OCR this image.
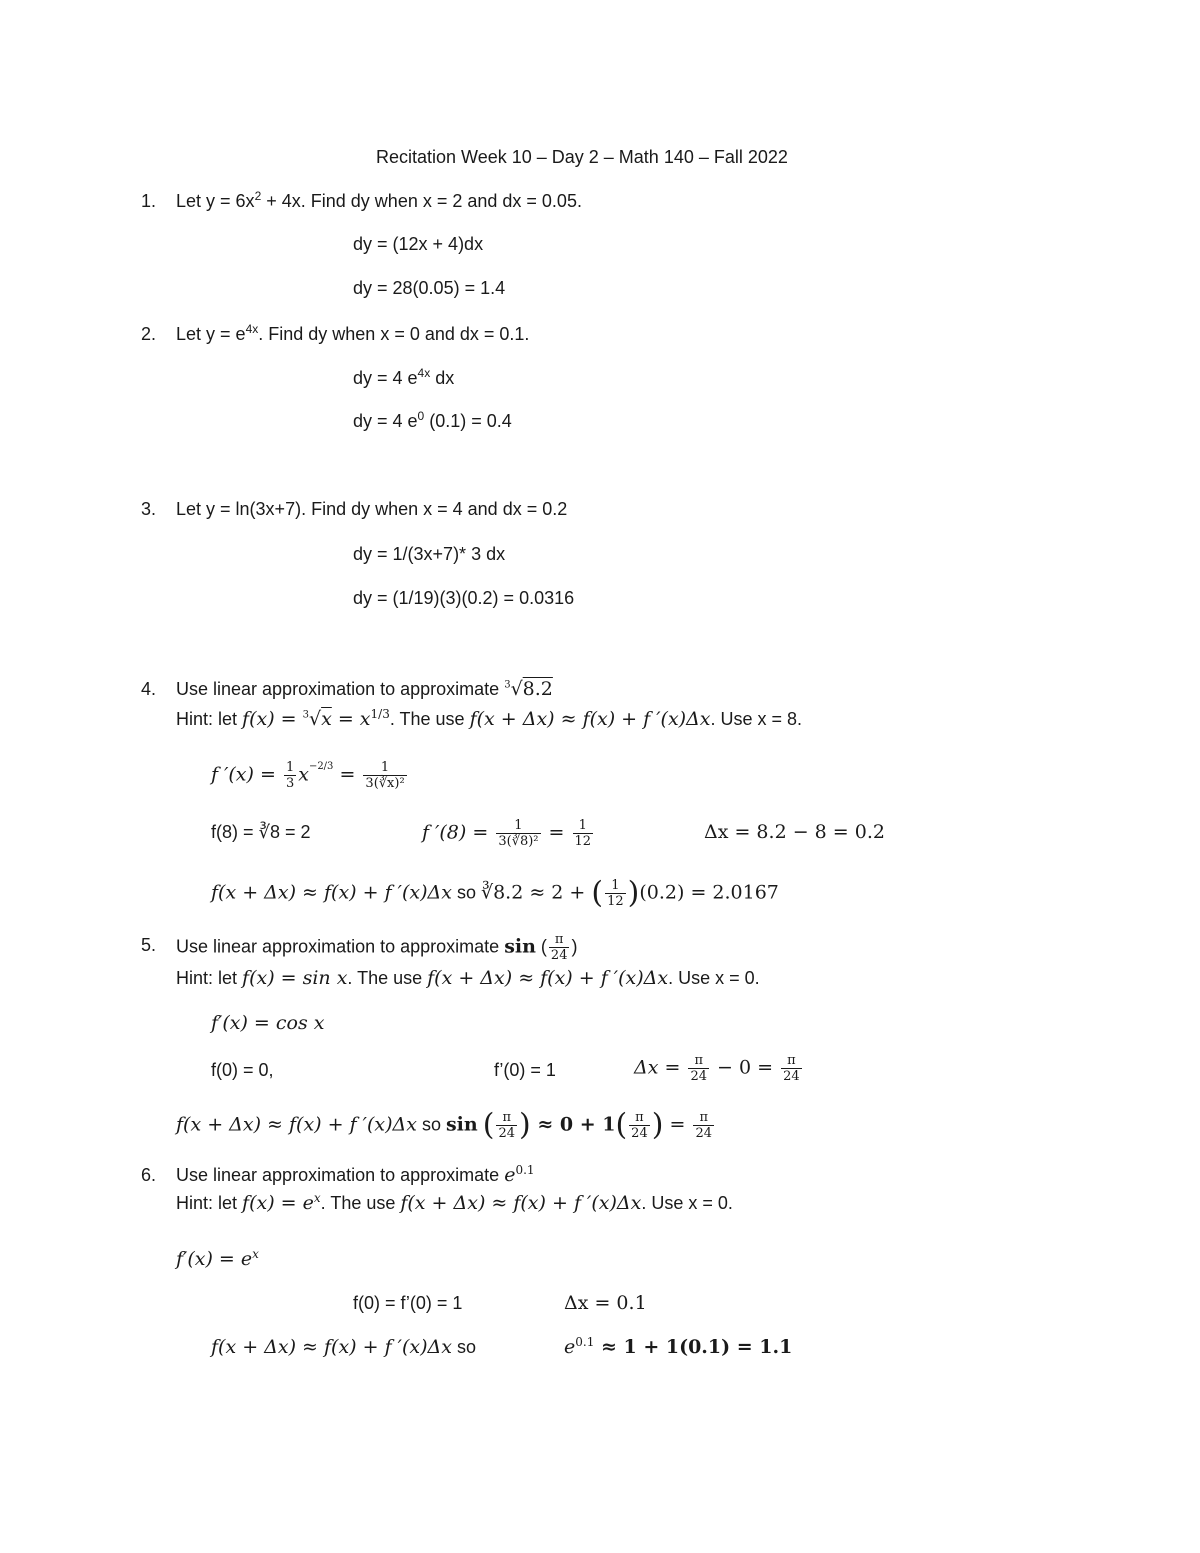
Recitation Week 10 – Day 2 – Math 140 – Fall 2022
1.	Let $y = 6x^2 + 4x$. Find dy when x = 2 and dx = 0.05.
dy = (12x + 4)dx
dy = 28(0.05) = 1.4
2.	Let $y = e^{4x}$. Find dy when x = 0 and dx = 0.1.
dy = 4 $e^{4x}$ dx
dy = 4 $e^0$ (0.1) = 0.4
3.	Let y = ln(3x+7). Find dy when x = 4 and dx = 0.2
dy = 1/(3x+7)* 3 dx
dy = (1/19)(3)(0.2) = 0.0316
4.	Use linear approximation to approximate $^3$√8.2
Hint: let $f(x) = ^3√x = x^{1/3}$. The use f(x + Δx) ≈ f(x) + f ′(x)Δx. Use x = 8.
f $'(x) = \frac{1}{3} x^{-2/3} = \frac{1}{\text{3(∛x)²}}$
f(8) = ∛8 = 2	f $'(8) = \frac{1}{\text{3(∛8)²}} = \frac{1}{12}$	Δx = 8.2 − 8 = 0.2
f(x + Δx) ≈ f(x) + f ′(x)Δx so ∛8.2 ≈ 2 + ( $\frac{1}{12} )(0.2) = 2.0167$
5.	Use linear approximation to approximate sin ( $\frac{\pi}{24}$ )
Hint: let f(x) = sin x. The use f(x + Δx) ≈ f(x) + f ′(x)Δx. Use x = 0.
f′(x) = cos x
f(0) = 0,	f’(0) = 1	$\Delta x = \frac{\pi}{24} - 0 = \frac{\pi}{24}$
f(x + Δx) ≈ f(x) + f ′(x)Δx so sin ( $\frac{\pi}{24}$ ) ≈ $0 + 1( \frac{\pi}{24}$ ) = $\frac{\pi}{24}$
6.	Use linear approximation to approximate $e^{0.1}$
Hint: let $f(x) = e^x$. The use f(x + Δx) ≈ f(x) + f ′(x)Δx. Use x = 0.
$f'(x) = e^x$
f(0) = f’(0) = 1	Δx = 0.1
f(x + Δx) ≈ f(x) + f ′(x)Δx so	$e^{0.1} \approx 1 + 1(0.1) = 1.1$
